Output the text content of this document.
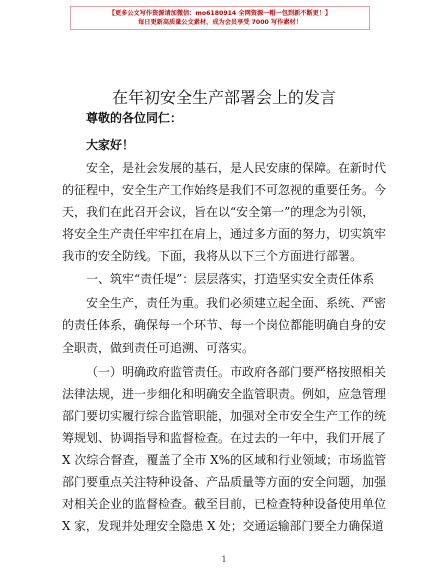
【更多公文写作资源请加微信：mo6180914 全网资源一帽一包到新不断更！】
每日更新高质量公文素材，成为会员享受 7000 写作素材！
在年初安全生产部署会上的发言
尊敬的各位同仁：
大家好！
安全，是社会发展的基石，是人民安康的保障。在新时代
的征程中，安全生产工作始终是我们不可忽视的重要任务。今
天，我们在此召开会议，旨在以“安全第一”的理念为引领，
将安全生产责任牢牢扛在肩上，通过多方面的努力，切实筑牢
我市的安全防线。下面，我将从以下三个方面进行部署。
一、筑牢“责任堤”：层层落实，打造坚实安全责任体系
安全生产，责任为重。我们必须建立起全面、系统、严密
的责任体系，确保每一个环节、每一个岗位都能明确自身的安
全职责，做到责任可追溯、可落实。
（一）明确政府监管责任。市政府各部门要严格按照相关
法律法规，进一步细化和明确安全监管职责。例如，应急管理
部门要切实履行综合监管职能，加强对全市安全生产工作的统
筹规划、协调指导和监督检查。在过去的一年中，我们开展了
X 次综合督查，覆盖了全市 X%的区域和行业领域；市场监管
部门要重点关注特种设备、产品质量等方面的安全问题，加强
对相关企业的监督检查。截至目前，已检查特种设备使用单位
X 家，发现并处理安全隐患 X 处；交通运输部门要全力确保道
1
